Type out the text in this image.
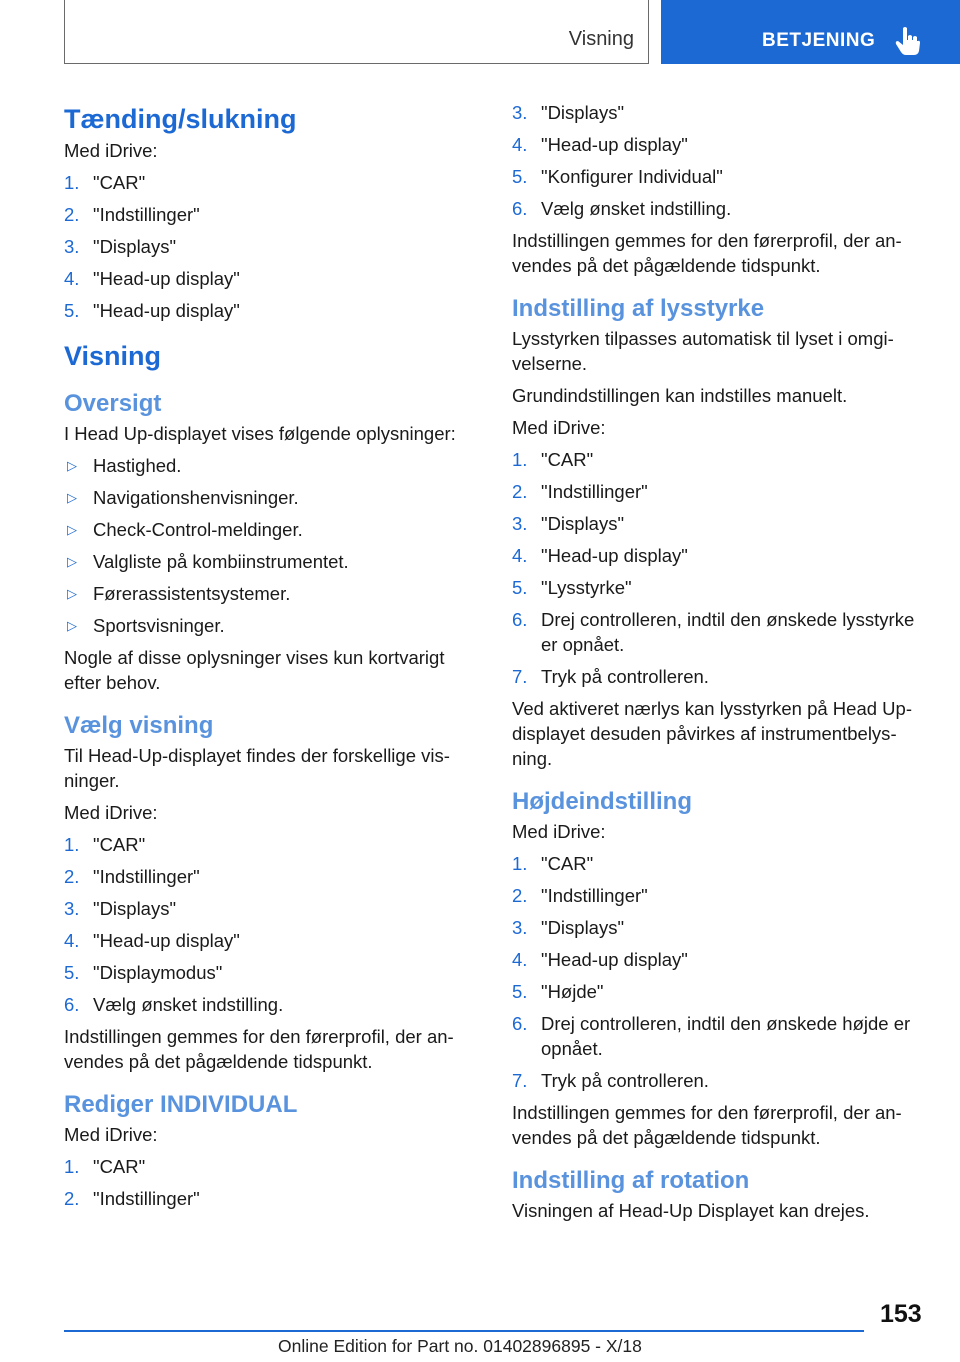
Visning	BETJENING
Tænding/slukning

Med iDrive:

1. "CAR"
2. "Indstillinger"
3. "Displays"
4. "Head-up display"
5. "Head-up display"
Visning
Oversigt

I Head Up-displayet vises følgende oplysninger:

▷ Hastighed.
▷ Navigationshenvisninger.
▷ Check-Control-meldinger.
▷ Valgliste på kombiinstrumentet.
▷ Førerassistentsystemer.
▷ Sportsvisninger.

Nogle af disse oplysninger vises kun kortvarigt efter behov.

Vælg visning

Til Head-Up-displayet findes der forskellige visninger.

Med iDrive:

1. "CAR"
2. "Indstillinger"
3. "Displays"
4. "Head-up display"
5. "Displaymodus"
6. Vælg ønsket indstilling.

Indstillingen gemmes for den førerprofil, der anvendes på det pågældende tidspunkt.

Rediger INDIVIDUAL

Med iDrive:

1. "CAR"
2. "Indstillinger"
3. "Displays"
4. "Head-up display"
5. "Konfigurer Individual"
6. Vælg ønsket indstilling.

Indstillingen gemmes for den førerprofil, der anvendes på det pågældende tidspunkt.

Indstilling af lysstyrke

Lysstyrken tilpasses automatisk til lyset i omgivelserne.

Grundindstillingen kan indstilles manuelt.

Med iDrive:

1. "CAR"
2. "Indstillinger"
3. "Displays"
4. "Head-up display"
5. "Lysstyrke"
6. Drej controlleren, indtil den ønskede lysstyrke er opnået.
7. Tryk på controlleren.

Ved aktiveret nærlys kan lysstyrken på Head Up-displayet desuden påvirkes af instrumentbelysning.

Højdeindstilling

Med iDrive:

1. "CAR"
2. "Indstillinger"
3. "Displays"
4. "Head-up display"
5. "Højde"
6. Drej controlleren, indtil den ønskede højde er opnået.
7. Tryk på controlleren.

Indstillingen gemmes for den førerprofil, der anvendes på det pågældende tidspunkt.

Indstilling af rotation

Visningen af Head-Up Displayet kan drejes.

153
Online Edition for Part no. 01402896895 - X/18
